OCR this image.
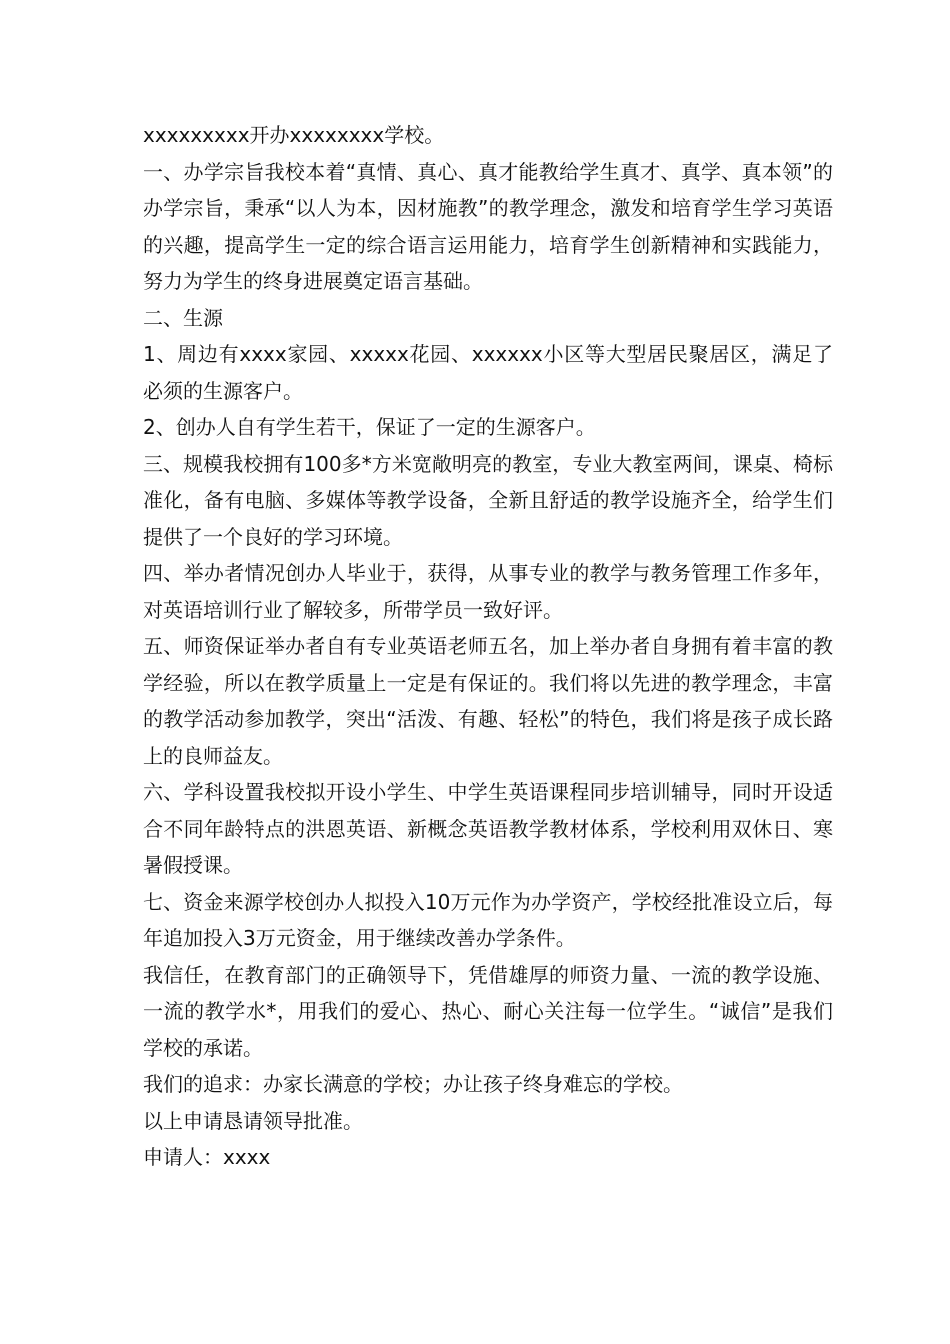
xxxxxxxxx开办xxxxxxxx学校。

一、办学宗旨我校本着“真情、真心、真才能教给学生真才、真学、真本领”的办学宗旨，秉承“以人为本，因材施教”的教学理念，激发和培育学生学习英语的兴趣，提高学生一定的综合语言运用能力，培育学生创新精神和实践能力，努力为学生的终身进展奠定语言基础。

二、生源

1、周边有xxxx家园、xxxxx花园、xxxxxx小区等大型居民聚居区，满足了必须的生源客户。

2、创办人自有学生若干，保证了一定的生源客户。

三、规模我校拥有100多*方米宽敞明亮的教室，专业大教室两间，课桌、椅标准化，备有电脑、多媒体等教学设备，全新且舒适的教学设施齐全，给学生们提供了一个良好的学习环境。

四、举办者情况创办人毕业于，获得，从事专业的教学与教务管理工作多年，对英语培训行业了解较多，所带学员一致好评。

五、师资保证举办者自有专业英语老师五名，加上举办者自身拥有着丰富的教学经验，所以在教学质量上一定是有保证的。我们将以先进的教学理念，丰富的教学活动参加教学，突出“活泼、有趣、轻松”的特色，我们将是孩子成长路上的良师益友。

六、学科设置我校拟开设小学生、中学生英语课程同步培训辅导，同时开设适合不同年龄特点的洪恩英语、新概念英语教学教材体系，学校利用双休日、寒暑假授课。

七、资金来源学校创办人拟投入10万元作为办学资产，学校经批准设立后，每年追加投入3万元资金，用于继续改善办学条件。

我信任，在教育部门的正确领导下，凭借雄厚的师资力量、一流的教学设施、一流的教学水*，用我们的爱心、热心、耐心关注每一位学生。“诚信”是我们学校的承诺。

我们的追求：办家长满意的学校；办让孩子终身难忘的学校。

以上申请恳请领导批准。

申请人：xxxx
